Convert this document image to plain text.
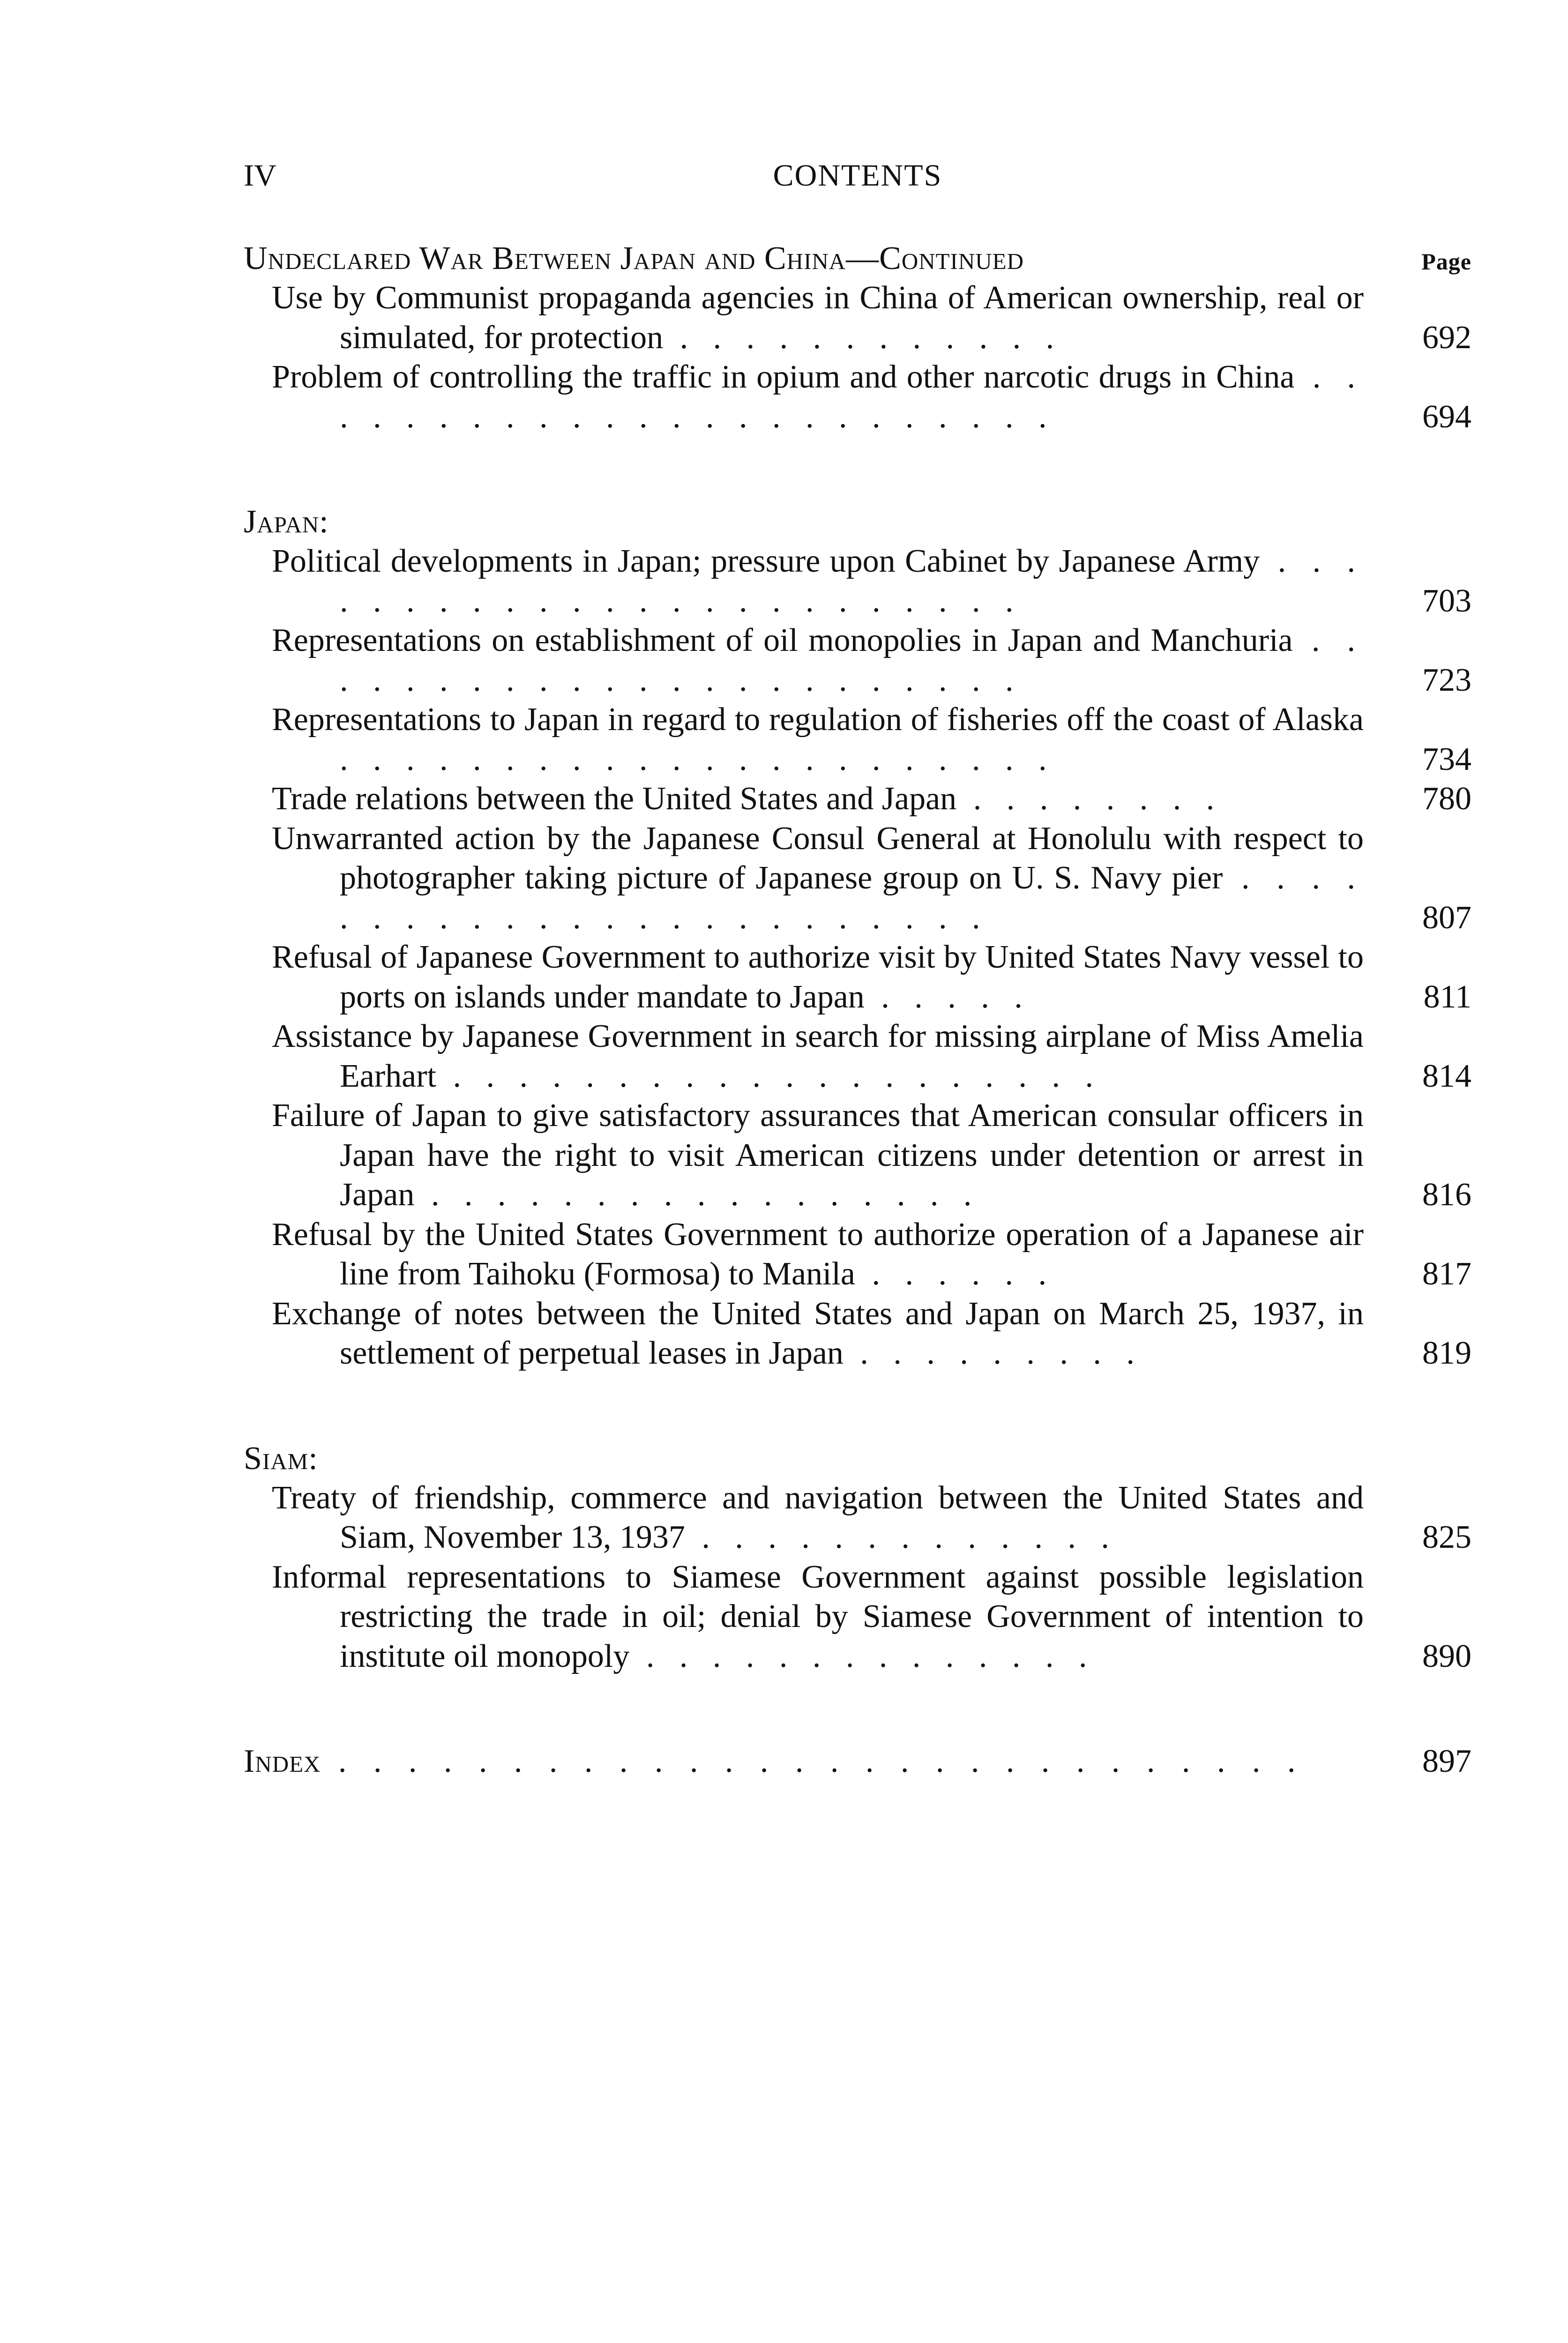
IV	CONTENTS
Undeclared War Between Japan and China—Continued	Page
Use by Communist propaganda agencies in China of American ownership, real or simulated, for protection . . . . . . . . . . . .	692
Problem of controlling the traffic in opium and other narcotic drugs in China . . . . . . . . . . . . . . . . . . . . . . . .	694
Japan:
Political developments in Japan; pressure upon Cabinet by Japanese Army . . . . . . . . . . . . . . . . . . . . . . . .	703
Representations on establishment of oil monopolies in Japan and Manchuria . . . . . . . . . . . . . . . . . . . . . . .	723
Representations to Japan in regard to regulation of fisheries off the coast of Alaska . . . . . . . . . . . . . . . . . . . . . .	734
Trade relations between the United States and Japan . . . . . . . .	780
Unwarranted action by the Japanese Consul General at Honolulu with respect to photographer taking picture of Japanese group on U. S. Navy pier . . . . . . . . . . . . . . . . . . . . . . . .	807
Refusal of Japanese Government to authorize visit by United States Navy vessel to ports on islands under mandate to Japan . . . . .	811
Assistance by Japanese Government in search for missing airplane of Miss Amelia Earhart . . . . . . . . . . . . . . . . . . . .	814
Failure of Japan to give satisfactory assurances that American consular officers in Japan have the right to visit American citizens under detention or arrest in Japan . . . . . . . . . . . . . . . . .	816
Refusal by the United States Government to authorize operation of a Japanese air line from Taihoku (Formosa) to Manila . . . . . .	817
Exchange of notes between the United States and Japan on March 25, 1937, in settlement of perpetual leases in Japan . . . . . . . . .	819
Siam:
Treaty of friendship, commerce and navigation between the United States and Siam, November 13, 1937 . . . . . . . . . . . . .	825
Informal representations to Siamese Government against possible legislation restricting the trade in oil; denial by Siamese Government of intention to institute oil monopoly . . . . . . . . . . . . . .	890
Index . . . . . . . . . . . . . . . . . . . . . . . . . . . .	897
